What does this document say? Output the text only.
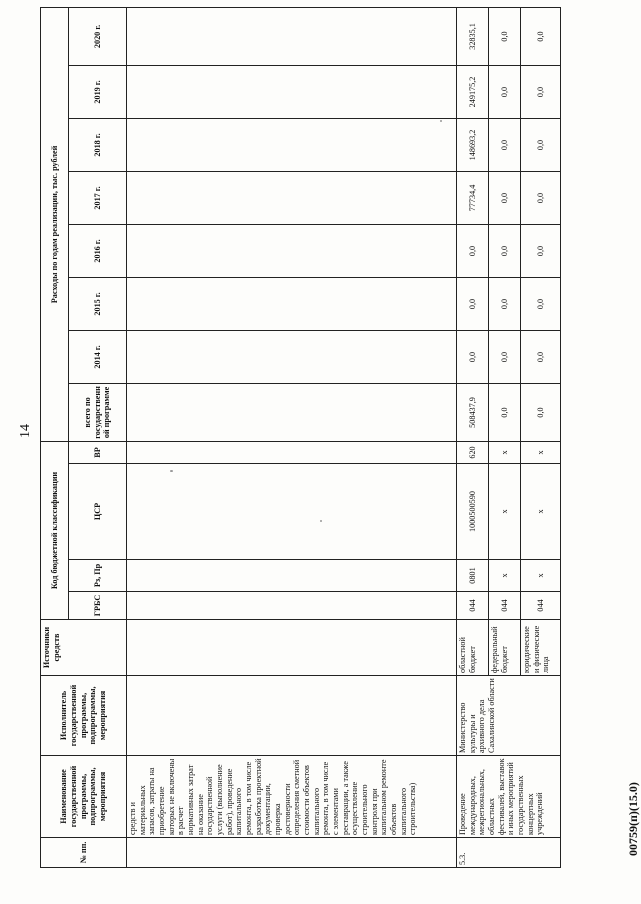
14
№ пп.	Наименование государственной программы, подпрограммы, мероприятия	Исполнитель государственной программы, подпрограммы, мероприятия	Источники средств	Код бюджетной классификации				Расходы по годам реализации, тыс. рублей							
				ГРБС	Рз, Пр	ЦСР	ВР	всего по государственной программе	2014 г.	2015 г.	2016 г.	2017 г.	2018 г.	2019 г.	2020 г.

	средств и материальных запасов, затраты на приобретение которых не включены в расчет нормативных затрат на оказание государственной услуги (выполнение работ), проведение капитального ремонта, в том числе разработка проектной документации, проверка достоверности определения сметной стоимости объектов капитального ремонта, в том числе с элементами реставрации, а также осуществление строительного контроля при капитальном ремонте объектов капитального строительства)														
5.3.	Проведение международных, межрегиональных, областных фестивалей, выставок и иных мероприятий государственных концертных учреждений	Министерство культуры и архивного дела Сахалинской области	областной бюджет	044	0801	1000500590	620	508437,9	0,0	0,0	0,0	77734,4	148693,2	249175,2	32835,1
			федеральный бюджет	044	х	х	х	0,0	0,0	0,0	0,0	0,0	0,0	0,0	0,0
			юридические и физические лица	044	х	х	х	0,0	0,0	0,0	0,0	0,0	0,0	0,0	0,0
00759(п)(15.0)
